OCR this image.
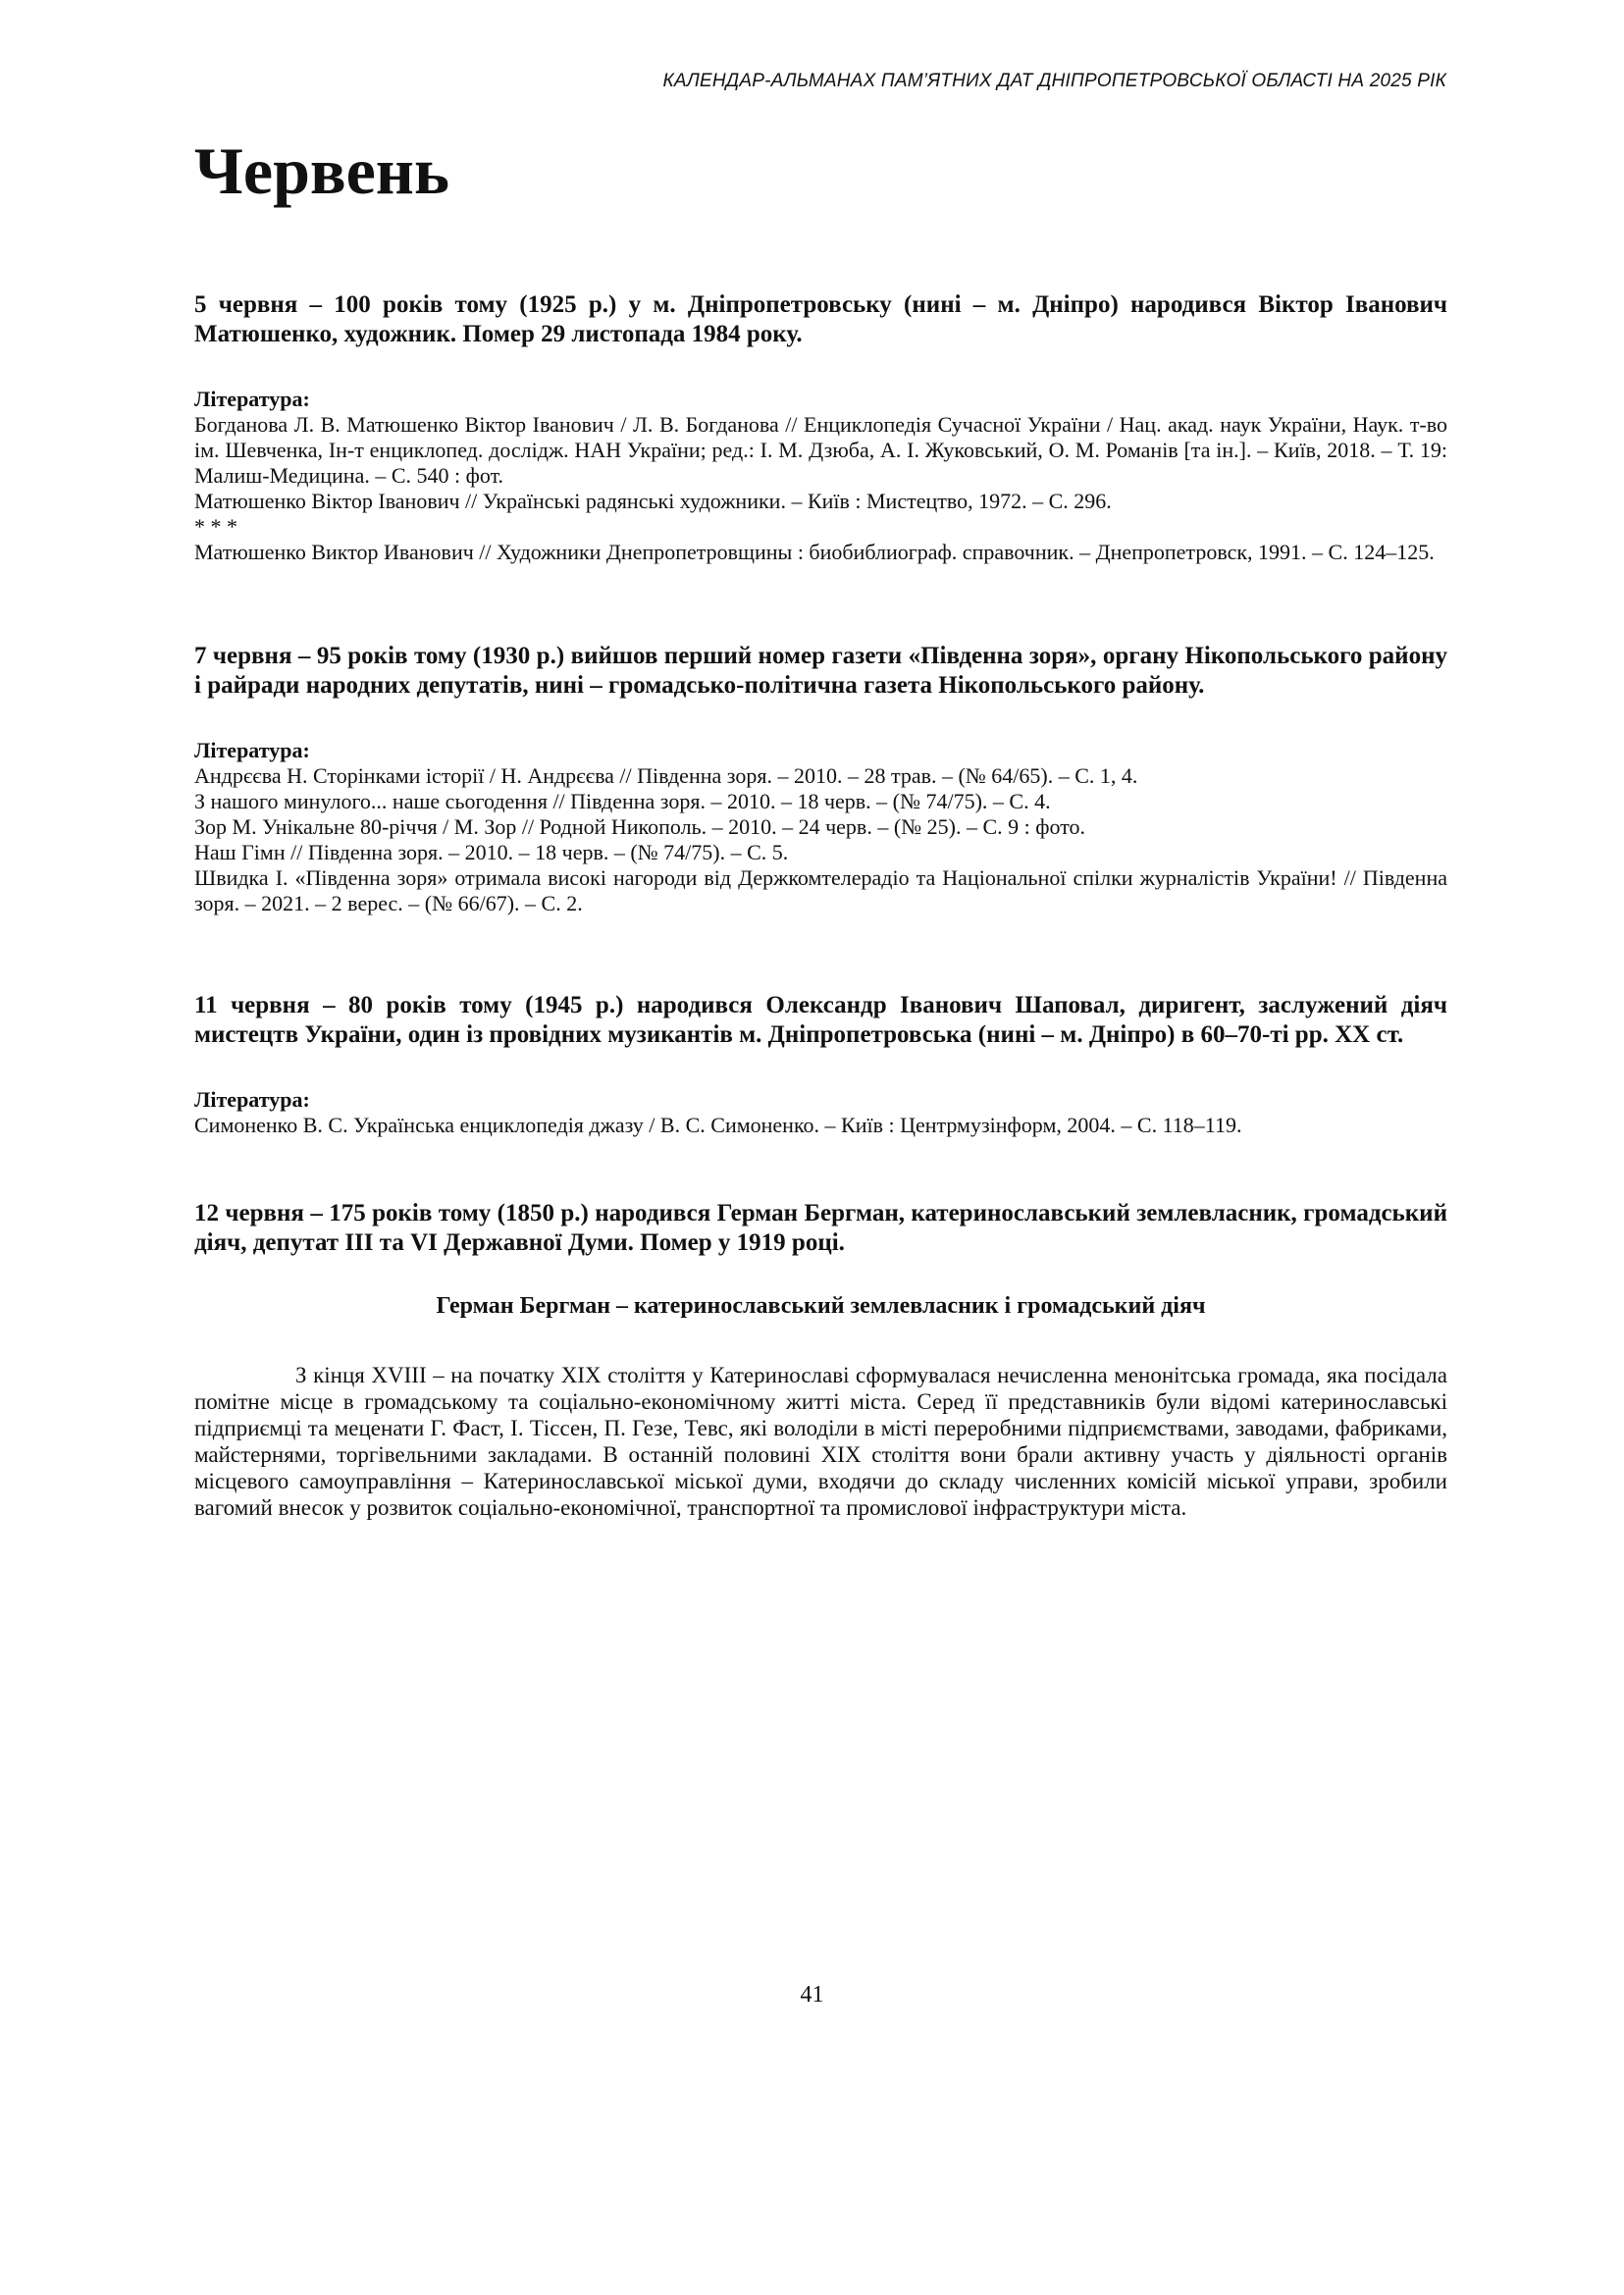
КАЛЕНДАР-АЛЬМАНАХ ПАМ’ЯТНИХ ДАТ ДНІПРОПЕТРОВСЬКОЇ ОБЛАСТІ НА 2025 РІК
Червень

5 червня – 100 років тому (1925 р.) у м. Дніпропетровську (нині – м. Дніпро) народився Віктор Іванович Матюшенко, художник. Помер 29 листопада 1984 року.

Література:

Богданова Л. В. Матюшенко Віктор Іванович / Л. В. Богданова // Енциклопедія Сучасної України / Нац. акад. наук України, Наук. т-во ім. Шевченка, Ін-т енциклопед. дослідж. НАН України; ред.: І. М. Дзюба, А. І. Жуковський, О. М. Романів [та ін.]. – Київ, 2018. – Т. 19: Малиш-Медицина. – С. 540 : фот.

Матюшенко Віктор Іванович // Українські радянські художники. – Київ : Мистецтво, 1972. – С. 296.

* * *

Матюшенко Виктор Иванович // Художники Днепропетровщины : биобиблиограф. справочник. – Днепропетровск, 1991. – С. 124–125.

7 червня – 95 років тому (1930 р.) вийшов перший номер газети «Південна зоря», органу Нікопольського району і райради народних депутатів, нині – громадсько-політична газета Нікопольського району.

Література:

Андрєєва Н. Сторінками історії / Н. Андрєєва // Південна зоря. – 2010. – 28 трав. – (№ 64/65). – С. 1, 4.

З нашого минулого... наше сьогодення // Південна зоря. – 2010. – 18 черв. – (№ 74/75). – С. 4.

Зор М. Унікальне 80-річчя / М. Зор // Родной Никополь. – 2010. – 24 черв. – (№ 25). – С. 9 : фото.

Наш Гімн // Південна зоря. – 2010. – 18 черв. – (№ 74/75). – С. 5.

Швидка І. «Південна зоря» отримала високі нагороди від Держкомтелерадіо та Національної спілки журналістів України! // Південна зоря. – 2021. – 2 верес. – (№ 66/67). – С. 2.

11 червня – 80 років тому (1945 р.) народився Олександр Іванович Шаповал, диригент, заслужений діяч мистецтв України, один із провідних музикантів м. Дніпропетровська (нині – м. Дніпро) в 60–70-ті рр. ХХ ст.

Література:

Симоненко В. С. Українська енциклопедія джазу / В. С. Симоненко. – Київ : Центрмузінформ, 2004. – С. 118–119.

12 червня – 175 років тому (1850 р.) народився Герман Бергман, катеринославський землевласник, громадський діяч, депутат ІІІ та VI Державної Думи. Помер у 1919 році.

Герман Бергман – катеринославський землевласник і громадський діяч

З кінця XVIII – на початку ХІХ століття у Катеринославі сформувалася нечисленна менонітська громада, яка посідала помітне місце в громадському та соціально-економічному житті міста. Серед її представників були відомі катеринославські підприємці та меценати Г. Фаст, І. Тіссен, П. Гезе, Тевс, які володіли в місті переробними підприємствами, заводами, фабриками, майстернями, торгівельними закладами. В останній половині ХІХ століття вони брали активну участь у діяльності органів місцевого самоуправління – Катеринославської міської думи, входячи до складу численних комісій міської управи, зробили вагомий внесок у розвиток соціально-економічної, транспортної та промислової інфраструктури міста.

41
